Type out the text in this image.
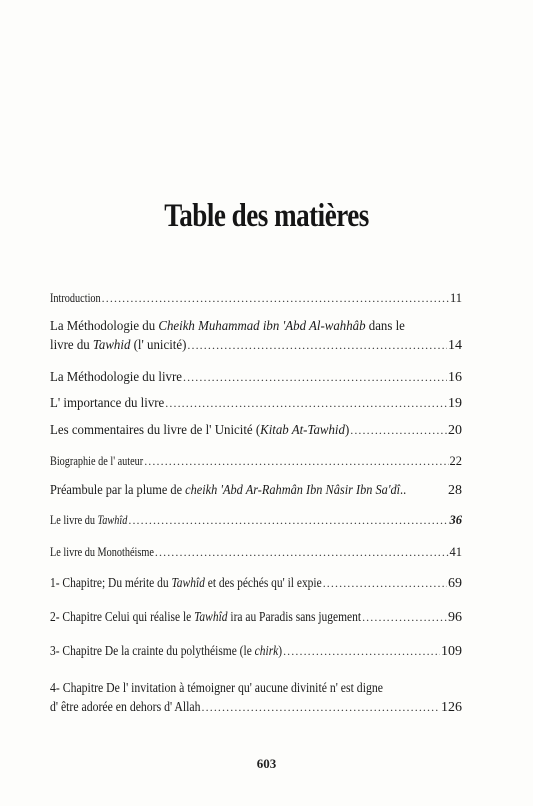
Table des matières
Introduction .....	11
La Méthodologie du Cheikh Muhammad ibn 'Abd Al-wahhâb dans le
livre du Tawhid (l' unicité) .....	14
La Méthodologie du livre .....	16
L' importance du livre .....	19
Les commentaires du livre de l' Unicité (Kitab At-Tawhid) .....	20
Biographie de l' auteur .....	22
Préambule par la plume de cheikh 'Abd Ar-Rahmân Ibn Nâsir Ibn Sa'dî..	28
Le livre du Tawhîd .....	36
Le livre du Monothéisme .....	41
1- Chapitre; Du mérite du Tawhîd et des péchés qu' il expie .....	69
2- Chapitre Celui qui réalise le Tawhîd ira au Paradis sans jugement .....	96
3- Chapitre De la crainte du polythéisme (le chirk) .....	109
4- Chapitre De l' invitation à témoigner qu' aucune divinité n' est digne
d' être adorée en dehors d' Allah .....	126
603
